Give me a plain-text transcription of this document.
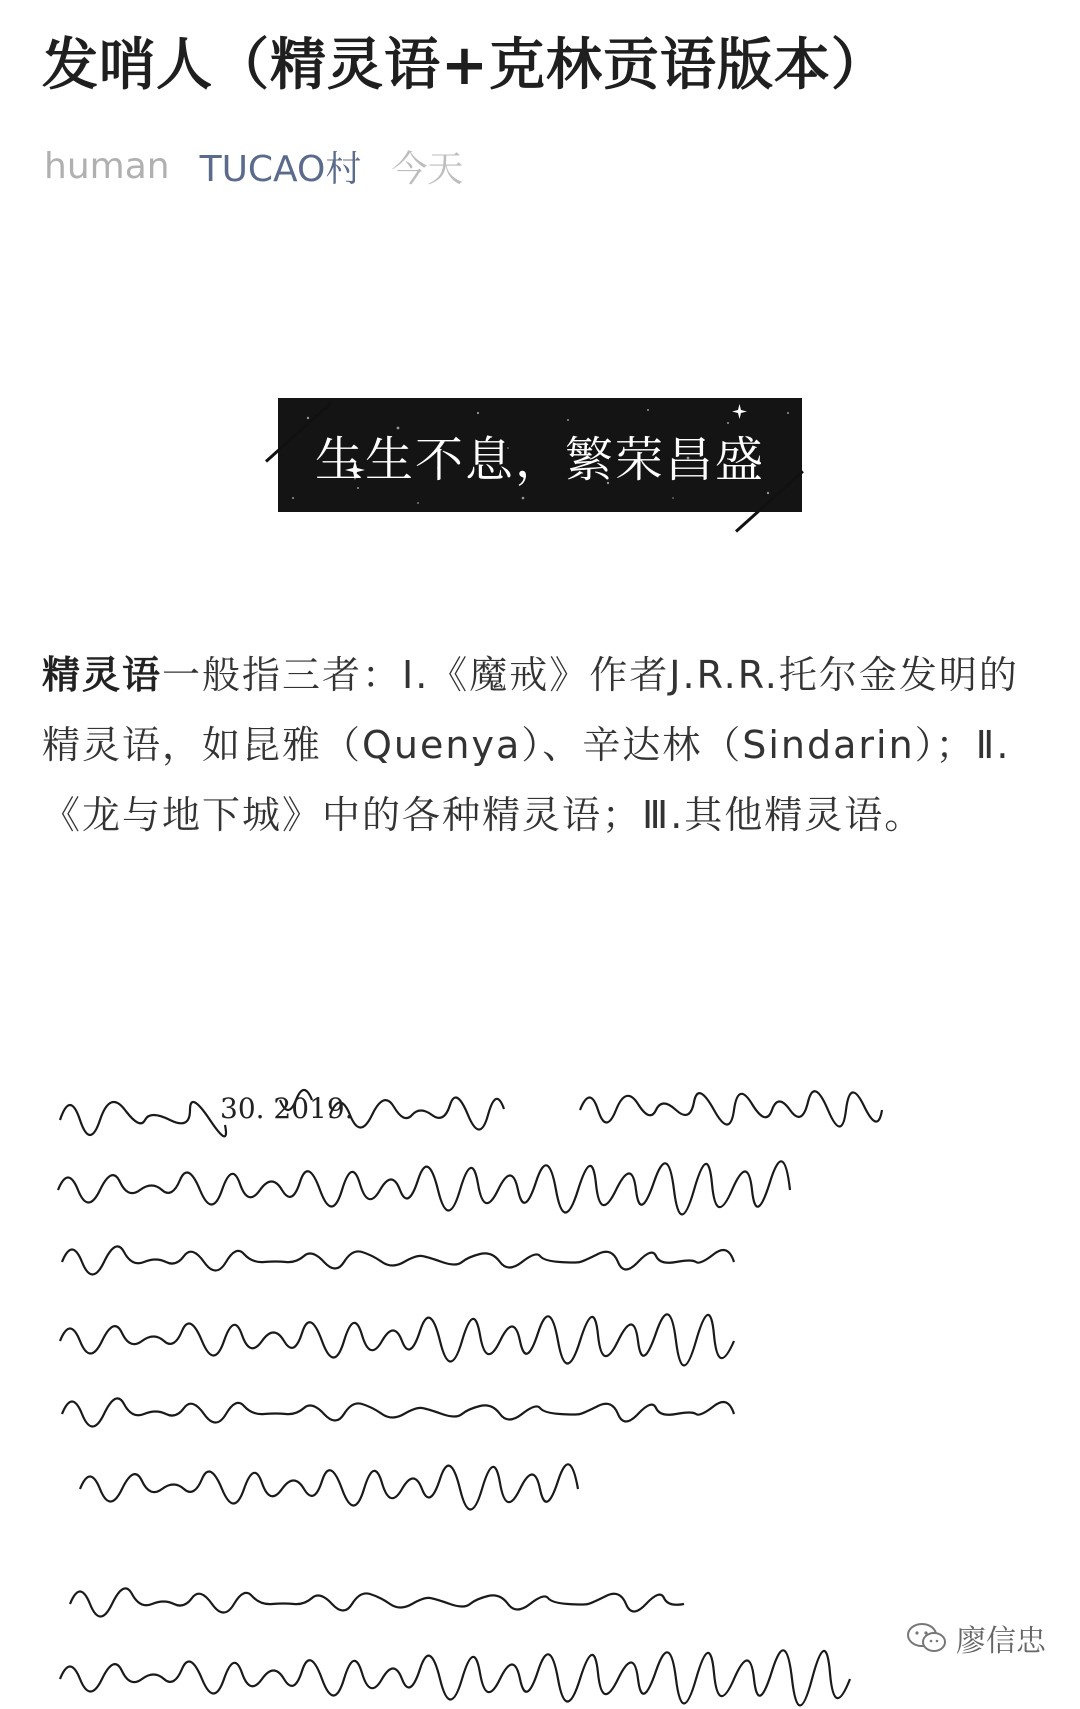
发哨人（精灵语+克林贡语版本）
human TUCAO村 今天
生生不息，繁荣昌盛
精灵语一般指三者：Ⅰ.《魔戒》作者J.R.R.托尔金发明的精灵语，如昆雅（Quenya）、辛达林（Sindarin）；Ⅱ.《龙与地下城》中的各种精灵语；Ⅲ.其他精灵语。
30. 2019.
廖信忠
